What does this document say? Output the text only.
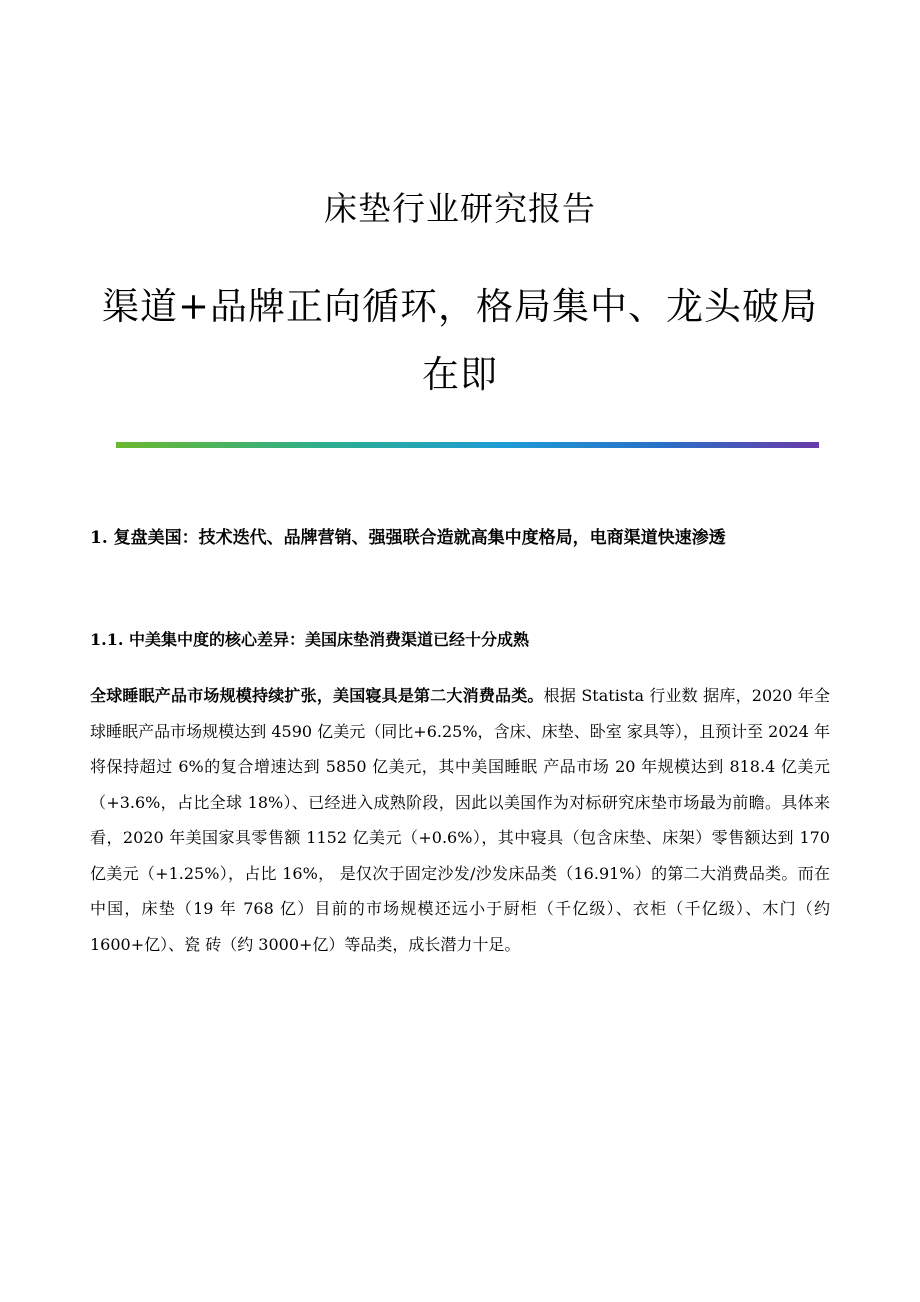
床垫行业研究报告
渠道+品牌正向循环，格局集中、龙头破局在即
1. 复盘美国：技术迭代、品牌营销、强强联合造就高集中度格局，电商渠道快速渗透
1.1. 中美集中度的核心差异：美国床垫消费渠道已经十分成熟
全球睡眠产品市场规模持续扩张，美国寝具是第二大消费品类。根据 Statista 行业数 据库，2020 年全球睡眠产品市场规模达到 4590 亿美元（同比+6.25%，含床、床垫、卧室 家具等），且预计至 2024 年将保持超过 6%的复合增速达到 5850 亿美元，其中美国睡眠 产品市场 20 年规模达到 818.4 亿美元（+3.6%，占比全球 18%）、已经进入成熟阶段，因此以美国作为对标研究床垫市场最为前瞻。具体来看，2020 年美国家具零售额 1152 亿美元（+0.6%），其中寝具（包含床垫、床架）零售额达到 170 亿美元（+1.25%），占比 16%， 是仅次于固定沙发/沙发床品类（16.91%）的第二大消费品类。而在中国，床垫（19 年 768 亿）目前的市场规模还远小于厨柜（千亿级）、衣柜（千亿级）、木门（约 1600+亿）、瓷 砖（约 3000+亿）等品类，成长潜力十足。
